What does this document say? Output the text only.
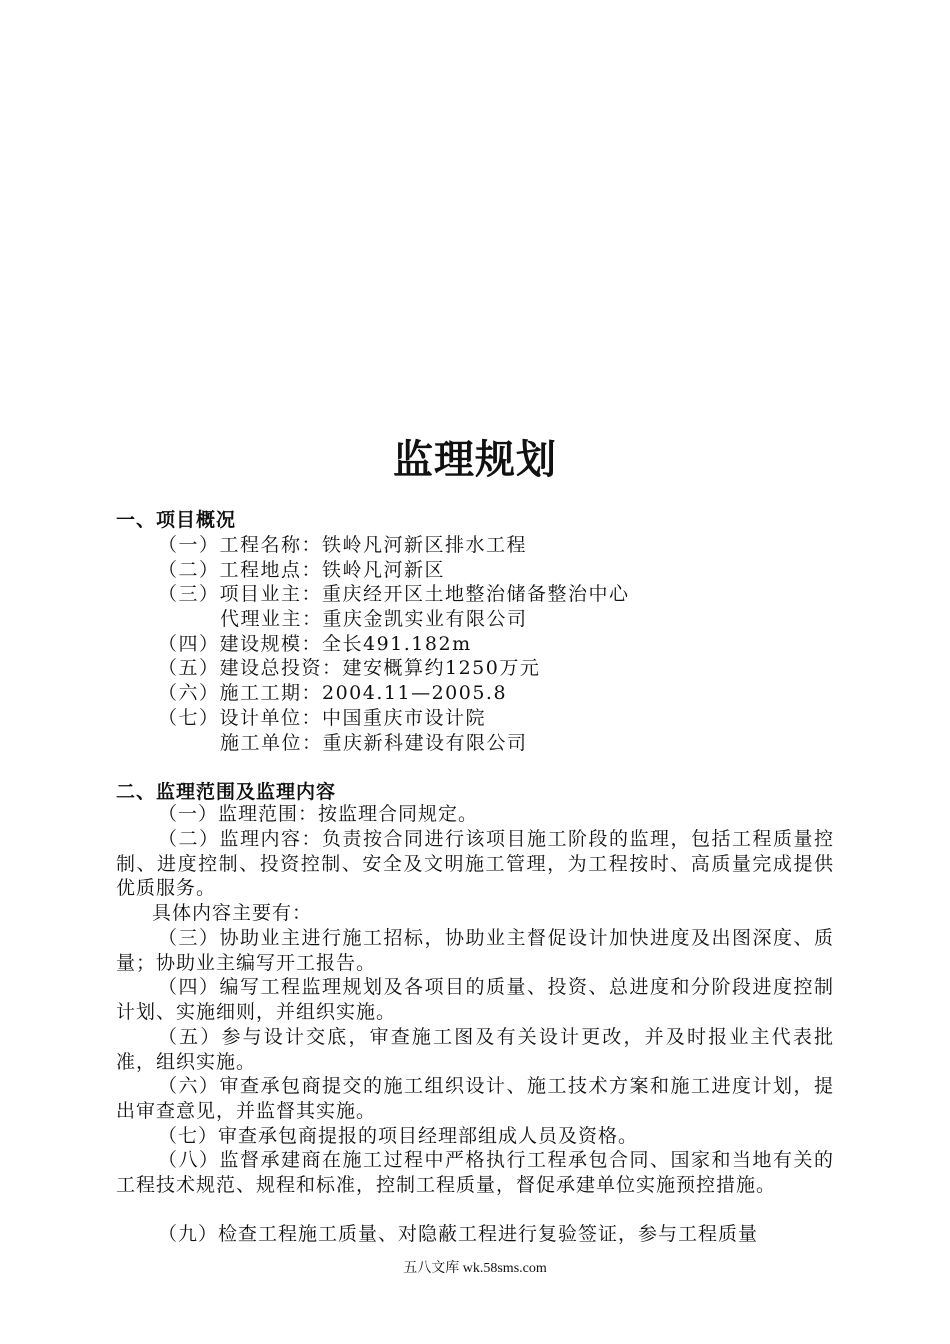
监理规划
一、项目概况
（一）工程名称：铁岭凡河新区排水工程
（二）工程地点：铁岭凡河新区
（三）项目业主：重庆经开区土地整治储备整治中心
代理业主：重庆金凯实业有限公司
（四）建设规模：全长491.182m
（五）建设总投资：建安概算约1250万元
（六）施工工期：2004.11—2005.8
（七）设计单位：中国重庆市设计院
施工单位：重庆新科建设有限公司
二、监理范围及监理内容
（一）监理范围：按监理合同规定。
（二）监理内容：负责按合同进行该项目施工阶段的监理，包括工程质量控制、进度控制、投资控制、安全及文明施工管理，为工程按时、高质量完成提供优质服务。
具体内容主要有：
（三）协助业主进行施工招标，协助业主督促设计加快进度及出图深度、质量；协助业主编写开工报告。
（四）编写工程监理规划及各项目的质量、投资、总进度和分阶段进度控制计划、实施细则，并组织实施。
（五）参与设计交底，审查施工图及有关设计更改，并及时报业主代表批准，组织实施。
（六）审查承包商提交的施工组织设计、施工技术方案和施工进度计划，提出审查意见，并监督其实施。
（七）审查承包商提报的项目经理部组成人员及资格。
（八）监督承建商在施工过程中严格执行工程承包合同、国家和当地有关的工程技术规范、规程和标准，控制工程质量，督促承建单位实施预控措施。
（九）检查工程施工质量、对隐蔽工程进行复验签证，参与工程质量
五八文库 wk.58sms.com
